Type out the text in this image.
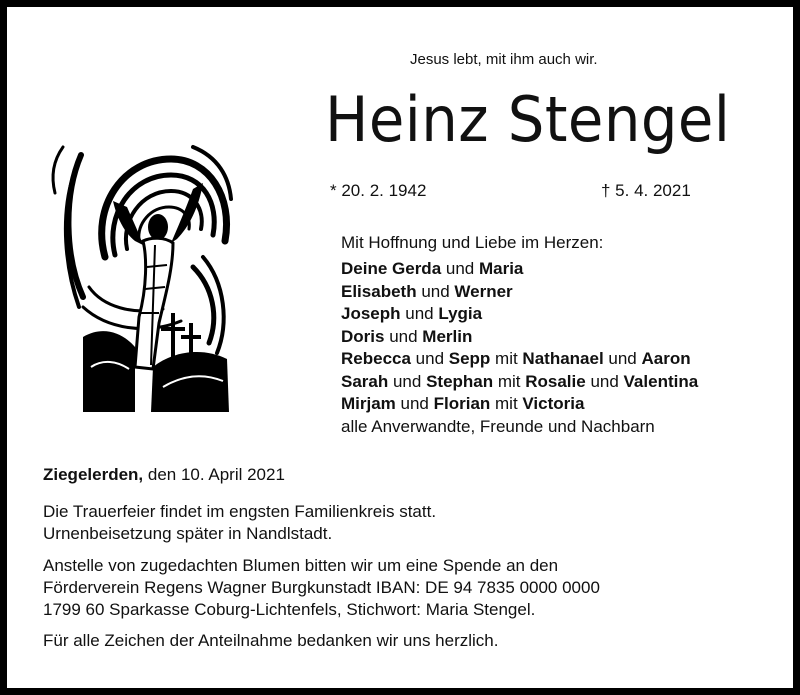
Jesus lebt, mit ihm auch wir.
Heinz Stengel
* 20. 2. 1942	† 5. 4. 2021
Mit Hoffnung und Liebe im Herzen:
Deine Gerda und Maria
Elisabeth und Werner
Joseph und Lygia
Doris und Merlin
Rebecca und Sepp mit Nathanael und Aaron
Sarah und Stephan mit Rosalie und Valentina
Mirjam und Florian mit Victoria
alle Anverwandte, Freunde und Nachbarn
Ziegelerden, den 10. April 2021

Die Trauerfeier findet im engsten Familienkreis statt.

Urnenbeisetzung später in Nandlstadt.

Anstelle von zugedachten Blumen bitten wir um eine Spende an den

Förderverein Regens Wagner Burgkunstadt IBAN: DE 94 7835 0000 0000

1799 60 Sparkasse Coburg-Lichtenfels, Stichwort: Maria Stengel.

Für alle Zeichen der Anteilnahme bedanken wir uns herzlich.
